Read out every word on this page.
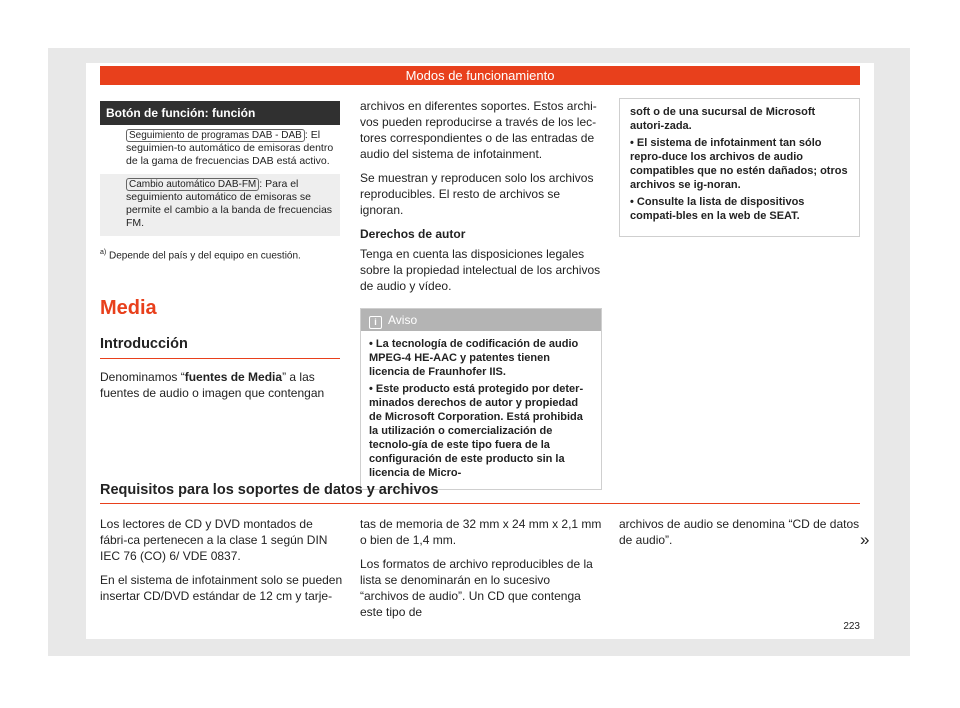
Modos de funcionamiento
Botón de función: función
Seguimiento de programas DAB - DAB : El seguimien-to automático de emisoras dentro de la gama de frecuencias DAB está activo.
Cambio automático DAB-FM : Para el seguimiento automático de emisoras se permite el cambio a la banda de frecuencias FM.
$^{a)}$ Depende del país y del equipo en cuestión.
Media
Introducción

Denominamos “fuentes de Media” a las fuentes de audio o imagen que contengan

archivos en diferentes soportes. Estos archi-vos pueden reproducirse a través de los lec-tores correspondientes o de las entradas de audio del sistema de infotainment.

Se muestran y reproducen solo los archivos reproducibles. El resto de archivos se ignoran.

Derechos de autor

Tenga en cuenta las disposiciones legales sobre la propiedad intelectual de los archivos de audio y vídeo.

i Aviso

• La tecnología de codificación de audio MPEG-4 HE-AAC y patentes tienen licencia de Fraunhofer IIS.

• Este producto está protegido por deter-minados derechos de autor y propiedad de Microsoft Corporation. Está prohibida la utilización o comercialización de tecnolo-gía de este tipo fuera de la configuración de este producto sin la licencia de Micro-

soft o de una sucursal de Microsoft autori-zada.

• El sistema de infotainment tan sólo repro-duce los archivos de audio compatibles que no estén dañados; otros archivos se ig-noran.

• Consulte la lista de dispositivos compati-bles en la web de SEAT.

Requisitos para los soportes de datos y archivos

Los lectores de CD y DVD montados de fábri-ca pertenecen a la clase 1 según DIN IEC 76 (CO) 6/ VDE 0837.

En el sistema de infotainment solo se pueden insertar CD/DVD estándar de 12 cm y tarje-

tas de memoria de 32 mm x 24 mm x 2,1 mm o bien de 1,4 mm.

Los formatos de archivo reproducibles de la lista se denominarán en lo sucesivo “archivos de audio”. Un CD que contenga este tipo de

archivos de audio se denomina “CD de datos de audio”.	»
223
